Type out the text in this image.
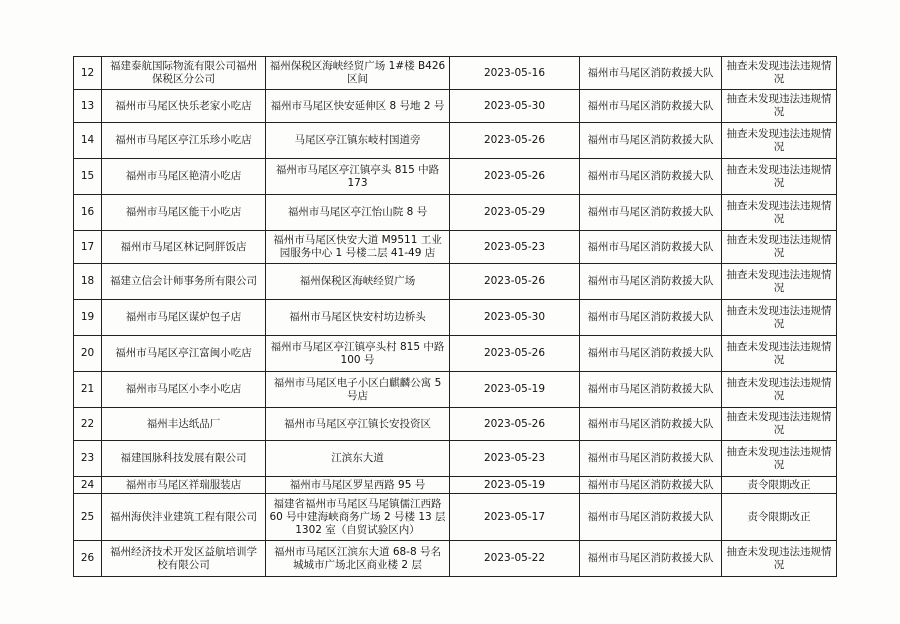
12	福建泰航国际物流有限公司福州保税区分公司	福州保税区海峡经贸广场 1#楼 B426 区间	2023-05-16	福州市马尾区消防救援大队	抽查未发现违法违规情况
13	福州市马尾区快乐老家小吃店	福州市马尾区快安延伸区 8 号地 2 号	2023-05-30	福州市马尾区消防救援大队	抽查未发现违法违规情况
14	福州市马尾区亭江乐珍小吃店	马尾区亭江镇东岐村国道旁	2023-05-26	福州市马尾区消防救援大队	抽查未发现违法违规情况
15	福州市马尾区艳清小吃店	福州市马尾区亭江镇亭头 815 中路 173	2023-05-26	福州市马尾区消防救援大队	抽查未发现违法违规情况
16	福州市马尾区能干小吃店	福州市马尾区亭江怡山院 8 号	2023-05-29	福州市马尾区消防救援大队	抽查未发现违法违规情况
17	福州市马尾区林记阿胖饭店	福州市马尾区快安大道 M9511 工业园服务中心 1 号楼二层 41-49 店	2023-05-23	福州市马尾区消防救援大队	抽查未发现违法违规情况
18	福建立信会计师事务所有限公司	福州保税区海峡经贸广场	2023-05-26	福州市马尾区消防救援大队	抽查未发现违法违规情况
19	福州市马尾区谋炉包子店	福州市马尾区快安村坊边桥头	2023-05-30	福州市马尾区消防救援大队	抽查未发现违法违规情况
20	福州市马尾区亭江富闽小吃店	福州市马尾区亭江镇亭头村 815 中路 100 号	2023-05-26	福州市马尾区消防救援大队	抽查未发现违法违规情况
21	福州市马尾区小李小吃店	福州市马尾区电子小区白麒麟公寓 5 号店	2023-05-19	福州市马尾区消防救援大队	抽查未发现违法违规情况
22	福州丰达纸品厂	福州市马尾区亭江镇长安投资区	2023-05-26	福州市马尾区消防救援大队	抽查未发现违法违规情况
23	福建国脉科技发展有限公司	江滨东大道	2023-05-23	福州市马尾区消防救援大队	抽查未发现违法违规情况
24	福州市马尾区祥瑞服装店	福州市马尾区罗星西路 95 号	2023-05-19	福州市马尾区消防救援大队	责令限期改正
25	福州海侠沣业建筑工程有限公司	福建省福州市马尾区马尾镇儒江西路 60 号中建海峡商务广场 2 号楼 13 层 1302 室（自贸试验区内）	2023-05-17	福州市马尾区消防救援大队	责令限期改正
26	福州经济技术开发区益航培训学校有限公司	福州市马尾区江滨东大道 68-8 号名城城市广场北区商业楼 2 层	2023-05-22	福州市马尾区消防救援大队	抽查未发现违法违规情况
